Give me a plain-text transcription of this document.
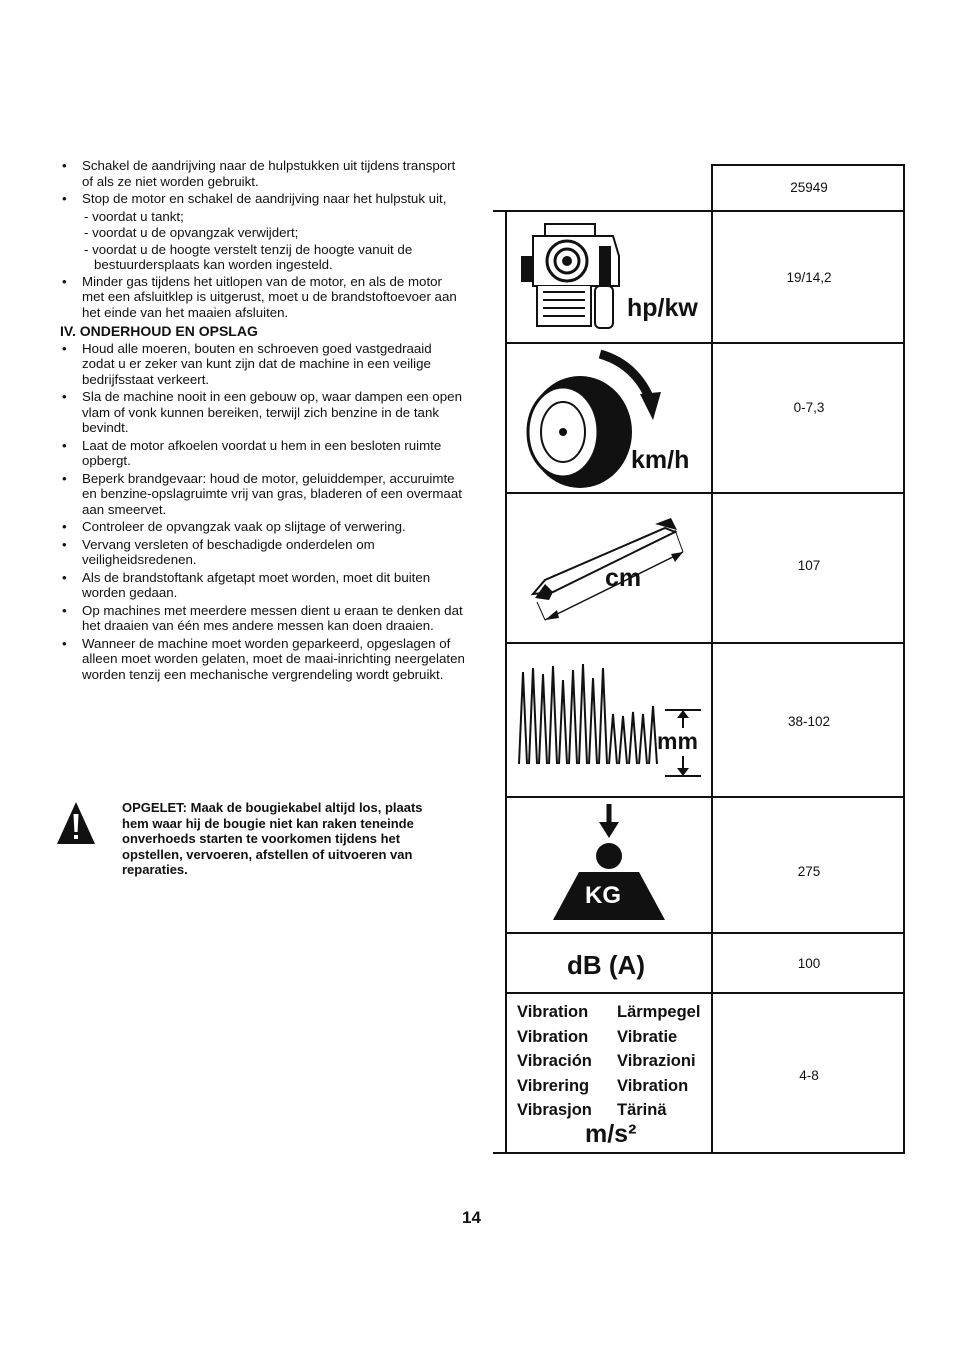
• Schakel de aandrijving naar de hulpstukken uit tijdens transport of als ze niet worden gebruikt.
• Stop de motor en schakel de aandrijving naar het hulpstuk uit,
- voordat u tankt;
- voordat u de opvangzak verwijdert;
- voordat u de hoogte verstelt tenzij de hoogte vanuit de bestuurdersplaats kan worden ingesteld.
• Minder gas tijdens het uitlopen van de motor, en als de motor met een afsluitklep is uitgerust, moet u de brandstoftoevoer aan het einde van het maaien afsluiten.
IV. ONDERHOUD EN OPSLAG
• Houd alle moeren, bouten en schroeven goed vastgedraaid zodat u er zeker van kunt zijn dat de machine in een veilige bedrijfsstaat verkeert.
• Sla de machine nooit in een gebouw op, waar dampen een open vlam of vonk kunnen bereiken, terwijl zich benzine in de tank bevindt.
• Laat de motor afkoelen voordat u hem in een besloten ruimte opbergt.
• Beperk brandgevaar: houd de motor, geluiddemper, accuruimte en benzine-opslagruimte vrij van gras, bladeren of een overmaat aan smeervet.
• Controleer de opvangzak vaak op slijtage of verwering.
• Vervang versleten of beschadigde onderdelen om veiligheidsredenen.
• Als de brandstoftank afgetapt moet worden, moet dit buiten worden gedaan.
• Op machines met meerdere messen dient u eraan te denken dat het draaien van één mes andere messen kan doen draaien.
• Wanneer de machine moet worden geparkeerd, opgeslagen of alleen moet worden gelaten, moet de maai-inrichting neergelaten worden tenzij een mechanische vergrendeling wordt gebruikt.
OPGELET: Maak de bougiekabel altijd los, plaats hem waar hij de bougie niet kan raken teneinde onverhoeds starten te voorkomen tijdens het opstellen, vervoeren, afstellen of uitvoeren van reparaties.
14
25949
hp/kw
19/14,2
km/h
0-7,3
cm	107
mm
38-102
KG
275
dB (A)	100
Vibration Lärmpegel
Vibration Vibratie
Vibración Vibrazioni
Vibrering Vibration
Vibrasjon Tärinä
m/s²
4-8
